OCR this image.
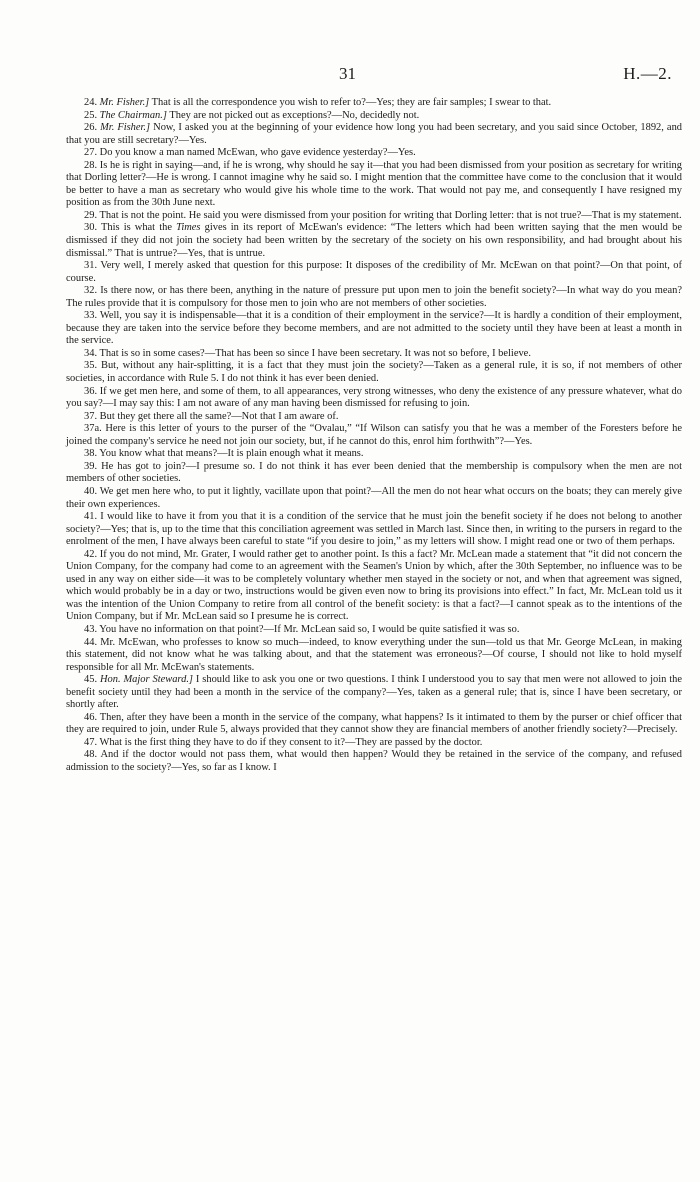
31	H.—2.

24. Mr. Fisher.] That is all the correspondence you wish to refer to?—Yes; they are fair samples; I swear to that.

25. The Chairman.] They are not picked out as exceptions?—No, decidedly not.

26. Mr. Fisher.] Now, I asked you at the beginning of your evidence how long you had been secretary, and you said since October, 1892, and that you are still secretary?—Yes.

27. Do you know a man named McEwan, who gave evidence yesterday?—Yes.

28. Is he is right in saying—and, if he is wrong, why should he say it—that you had been dismissed from your position as secretary for writing that Dorling letter?—He is wrong. I cannot imagine why he said so. I might mention that the committee have come to the conclusion that it would be better to have a man as secretary who would give his whole time to the work. That would not pay me, and consequently I have resigned my position as from the 30th June next.

29. That is not the point. He said you were dismissed from your position for writing that Dorling letter: that is not true?—That is my statement.

30. This is what the Times gives in its report of McEwan's evidence: “The letters which had been written saying that the men would be dismissed if they did not join the society had been written by the secretary of the society on his own responsibility, and had brought about his dismissal.” That is untrue?—Yes, that is untrue.

31. Very well, I merely asked that question for this purpose: It disposes of the credibility of Mr. McEwan on that point?—On that point, of course.

32. Is there now, or has there been, anything in the nature of pressure put upon men to join the benefit society?—In what way do you mean? The rules provide that it is compulsory for those men to join who are not members of other societies.

33. Well, you say it is indispensable—that it is a condition of their employment in the service?—It is hardly a condition of their employment, because they are taken into the service before they become members, and are not admitted to the society until they have been at least a month in the service.

34. That is so in some cases?—That has been so since I have been secretary. It was not so before, I believe.

35. But, without any hair-splitting, it is a fact that they must join the society?—Taken as a general rule, it is so, if not members of other societies, in accordance with Rule 5. I do not think it has ever been denied.

36. If we get men here, and some of them, to all appearances, very strong witnesses, who deny the existence of any pressure whatever, what do you say?—I may say this: I am not aware of any man having been dismissed for refusing to join.

37. But they get there all the same?—Not that I am aware of.

37a. Here is this letter of yours to the purser of the “Ovalau,” “If Wilson can satisfy you that he was a member of the Foresters before he joined the company's service he need not join our society, but, if he cannot do this, enrol him forthwith”?—Yes.

38. You know what that means?—It is plain enough what it means.

39. He has got to join?—I presume so. I do not think it has ever been denied that the membership is compulsory when the men are not members of other societies.

40. We get men here who, to put it lightly, vacillate upon that point?—All the men do not hear what occurs on the boats; they can merely give their own experiences.

41. I would like to have it from you that it is a condition of the service that he must join the benefit society if he does not belong to another society?—Yes; that is, up to the time that this conciliation agreement was settled in March last. Since then, in writing to the pursers in regard to the enrolment of the men, I have always been careful to state “if you desire to join,” as my letters will show. I might read one or two of them perhaps.

42. If you do not mind, Mr. Grater, I would rather get to another point. Is this a fact? Mr. McLean made a statement that “it did not concern the Union Company, for the company had come to an agreement with the Seamen's Union by which, after the 30th September, no influence was to be used in any way on either side—it was to be completely voluntary whether men stayed in the society or not, and when that agreement was signed, which would probably be in a day or two, instructions would be given even now to bring its provisions into effect.” In fact, Mr. McLean told us it was the intention of the Union Company to retire from all control of the benefit society: is that a fact?—I cannot speak as to the intentions of the Union Company, but if Mr. McLean said so I presume he is correct.

43. You have no information on that point?—If Mr. McLean said so, I would be quite satisfied it was so.

44. Mr. McEwan, who professes to know so much—indeed, to know everything under the sun—told us that Mr. George McLean, in making this statement, did not know what he was talking about, and that the statement was erroneous?—Of course, I should not like to hold myself responsible for all Mr. McEwan's statements.

45. Hon. Major Steward.] I should like to ask you one or two questions. I think I understood you to say that men were not allowed to join the benefit society until they had been a month in the service of the company?—Yes, taken as a general rule; that is, since I have been secretary, or shortly after.

46. Then, after they have been a month in the service of the company, what happens? Is it intimated to them by the purser or chief officer that they are required to join, under Rule 5, always provided that they cannot show they are financial members of another friendly society?—Precisely.

47. What is the first thing they have to do if they consent to it?—They are passed by the doctor.

48. And if the doctor would not pass them, what would then happen? Would they be retained in the service of the company, and refused admission to the society?—Yes, so far as I know. I
